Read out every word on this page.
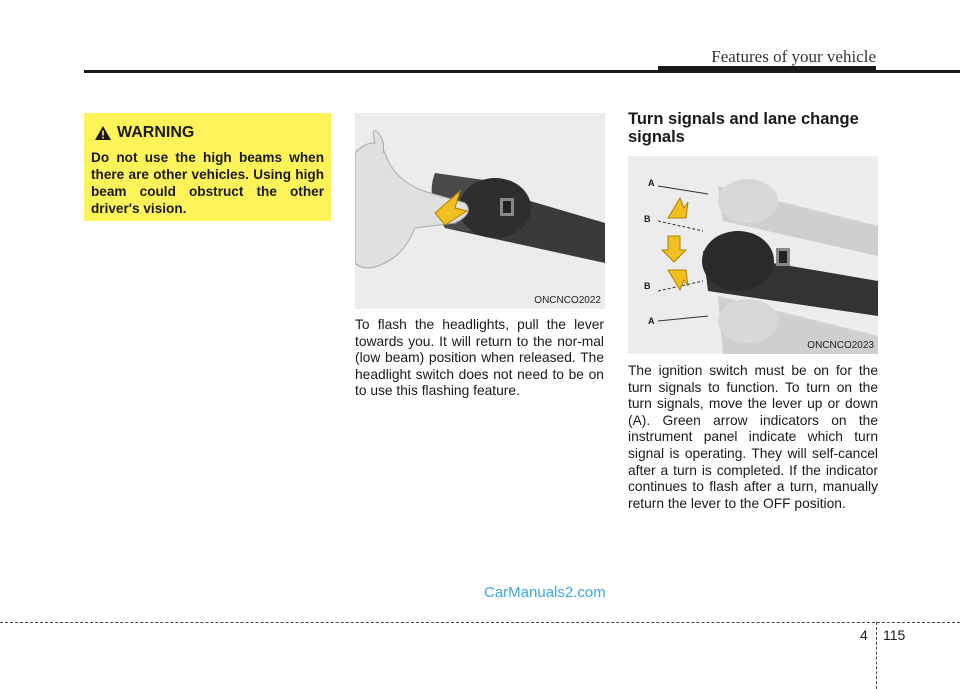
Features of your vehicle
WARNING
Do not use the high beams when there are other vehicles. Using high beam could obstruct the other driver's vision.
ONCNCO2022

To flash the headlights, pull the lever towards you. It will return to the nor-mal (low beam) position when released. The headlight switch does not need to be on to use this flashing feature.

Turn signals and lane change signals
A
B
B
A
ONCNCO2023

The ignition switch must be on for the turn signals to function. To turn on the turn signals, move the lever up or down (A). Green arrow indicators on the instrument panel indicate which turn signal is operating. They will self-cancel after a turn is completed. If the indicator continues to flash after a turn, manually return the lever to the OFF position.

CarManuals2.com
4 115
